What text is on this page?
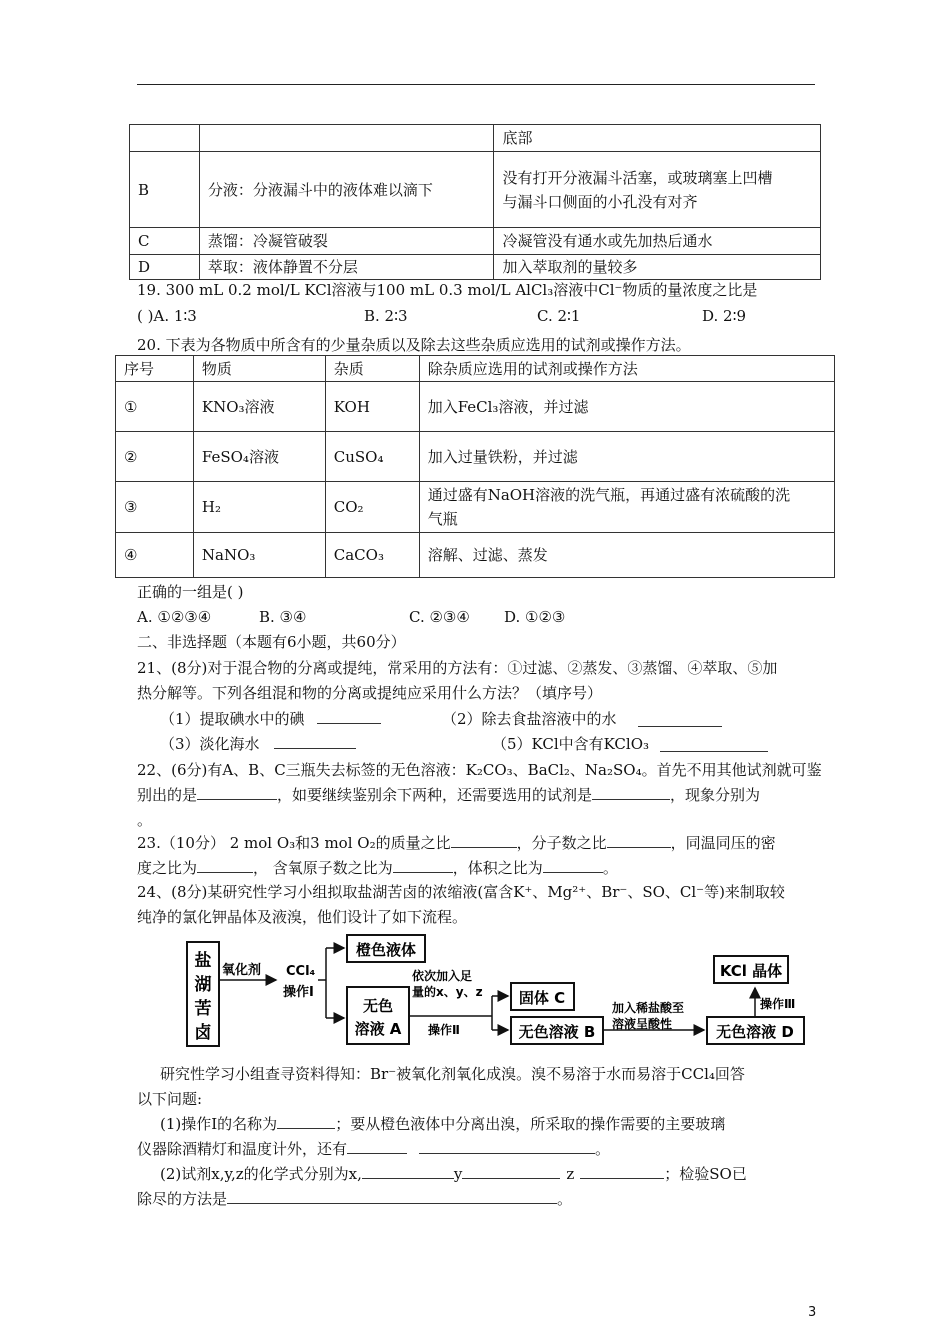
		底部
B	分液：分液漏斗中的液体难以滴下	没有打开分液漏斗活塞，或玻璃塞上凹槽
与漏斗口侧面的小孔没有对齐

C	蒸馏：冷凝管破裂	冷凝管没有通水或先加热后通水
D	萃取：液体静置不分层	加入萃取剂的量较多
19. 300 mL 0.2 mol/L KCl溶液与100 mL 0.3 mol/L AlCl₃溶液中Cl⁻物质的量浓度之比是
( )A. 1∶3	B. 2∶3	C. 2∶1	D. 2∶9
20. 下表为各物质中所含有的少量杂质以及除去这些杂质应选用的试剂或操作方法。
序号	物质	杂质	除杂质应选用的试剂或操作方法
①	KNO₃溶液	KOH	加入FeCl₃溶液，并过滤
②	FeSO₄溶液	CuSO₄	加入过量铁粉，并过滤
③	H₂	CO₂	通过盛有NaOH溶液的洗气瓶，再通过盛有浓硫酸的洗
气瓶

④	NaNO₃	CaCO₃	溶解、过滤、蒸发
正确的一组是( )
A. ①②③④	B. ③④	C. ②③④ D. ①②③
二、非选择题（本题有6小题，共60分）
21、(8分)对于混合物的分离或提纯，常采用的方法有：①过滤、②蒸发、③蒸馏、④萃取、⑤加
热分解等。下列各组混和物的分离或提纯应采用什么方法？（填序号）
（1）提取碘水中的碘	（2）除去食盐溶液中的水
（3）淡化海水	（5）KCl中含有KClO₃
22、(6分)有A、B、C三瓶失去标签的无色溶液：K₂CO₃、BaCl₂、Na₂SO₄。首先不用其他试剂就可鉴
别出的是	，如要继续鉴别余下两种，还需要选用的试剂是	，现象分别为
。
23.（10分） 2 mol O₃和3 mol O₂的质量之比	，分子数之比	，同温同压的密
度之比为	， 含氧原子数之比为	，体积之比为	。
24、(8分)某研究性学习小组拟取盐湖苦卤的浓缩液(富含K⁺、Mg²⁺、Br⁻、SO、Cl⁻等)来制取较
纯净的氯化钾晶体及液溴，他们设计了如下流程。
盐
湖
苦
卤
氧化剂 CCl₄
操作Ⅰ
橙色液体
无色
溶液 A
依次加入足
量的x、y、z
操作Ⅱ
固体 C
无色溶液 B
加入稀盐酸至
溶液呈酸性	无色溶液 D
操作Ⅲ
KCl 晶体
研究性学习小组查寻资料得知：Br⁻被氧化剂氧化成溴。溴不易溶于水而易溶于CCl₄回答
以下问题:
(1)操作Ⅰ的名称为	；要从橙色液体中分离出溴，所采取的操作需要的主要玻璃
仪器除酒精灯和温度计外，还有	。
(2)试剂x,y,z的化学式分别为x,	y	z	；检验SO已
除尽的方法是	。
3
